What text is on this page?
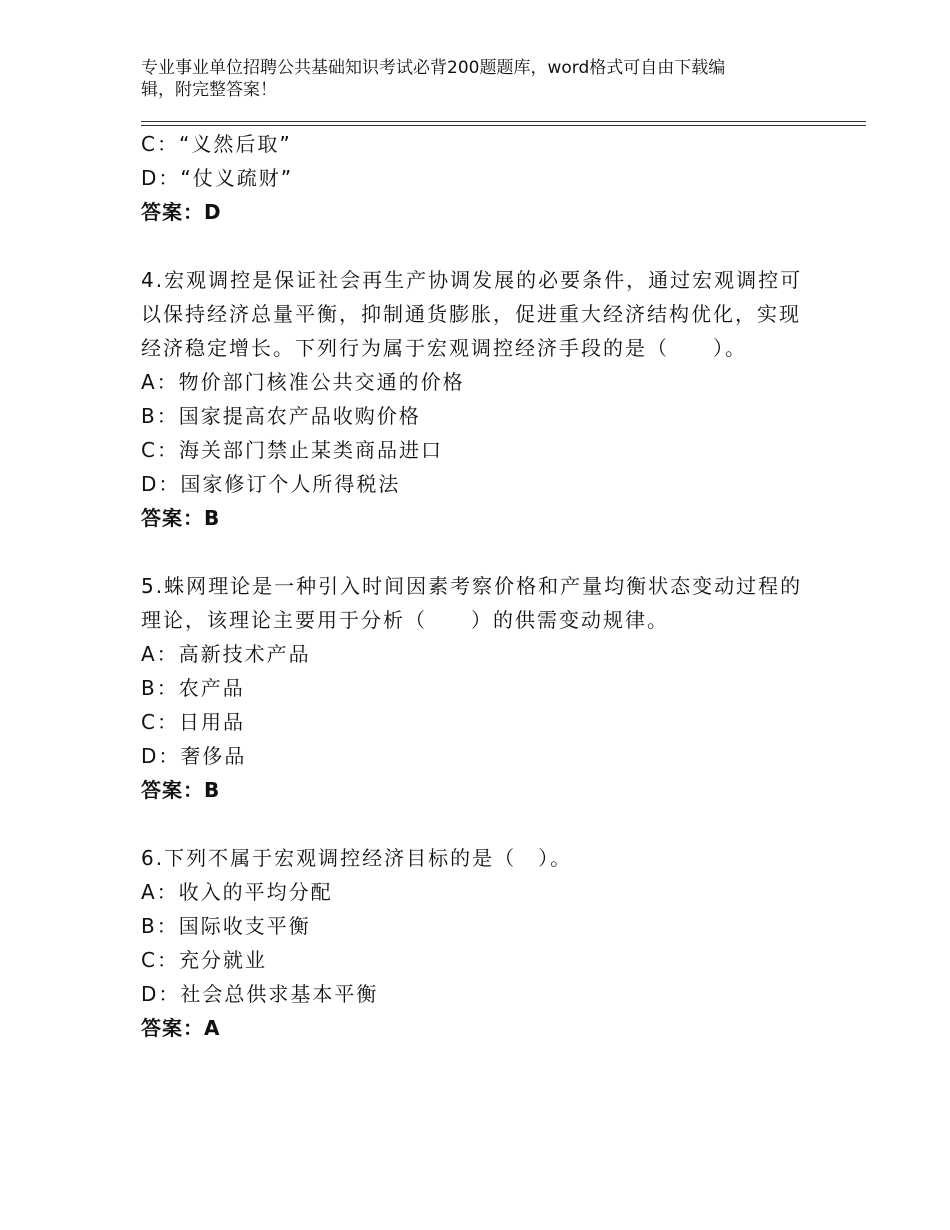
专业事业单位招聘公共基础知识考试必背200题题库，word格式可自由下载编
辑，附完整答案！
C：“义然后取”
D：“仗义疏财”
答案：D
4.宏观调控是保证社会再生产协调发展的必要条件，通过宏观调控可
以保持经济总量平衡，抑制通货膨胀，促进重大经济结构优化，实现
经济稳定增长。下列行为属于宏观调控经济手段的是（　　）。
A：物价部门核准公共交通的价格
B：国家提高农产品收购价格
C：海关部门禁止某类商品进口
D：国家修订个人所得税法
答案：B
5.蛛网理论是一种引入时间因素考察价格和产量均衡状态变动过程的
理论，该理论主要用于分析（　　）的供需变动规律。
A：高新技术产品
B：农产品
C：日用品
D：奢侈品
答案：B
6.下列不属于宏观调控经济目标的是（　）。
A：收入的平均分配
B：国际收支平衡
C：充分就业
D：社会总供求基本平衡
答案：A
